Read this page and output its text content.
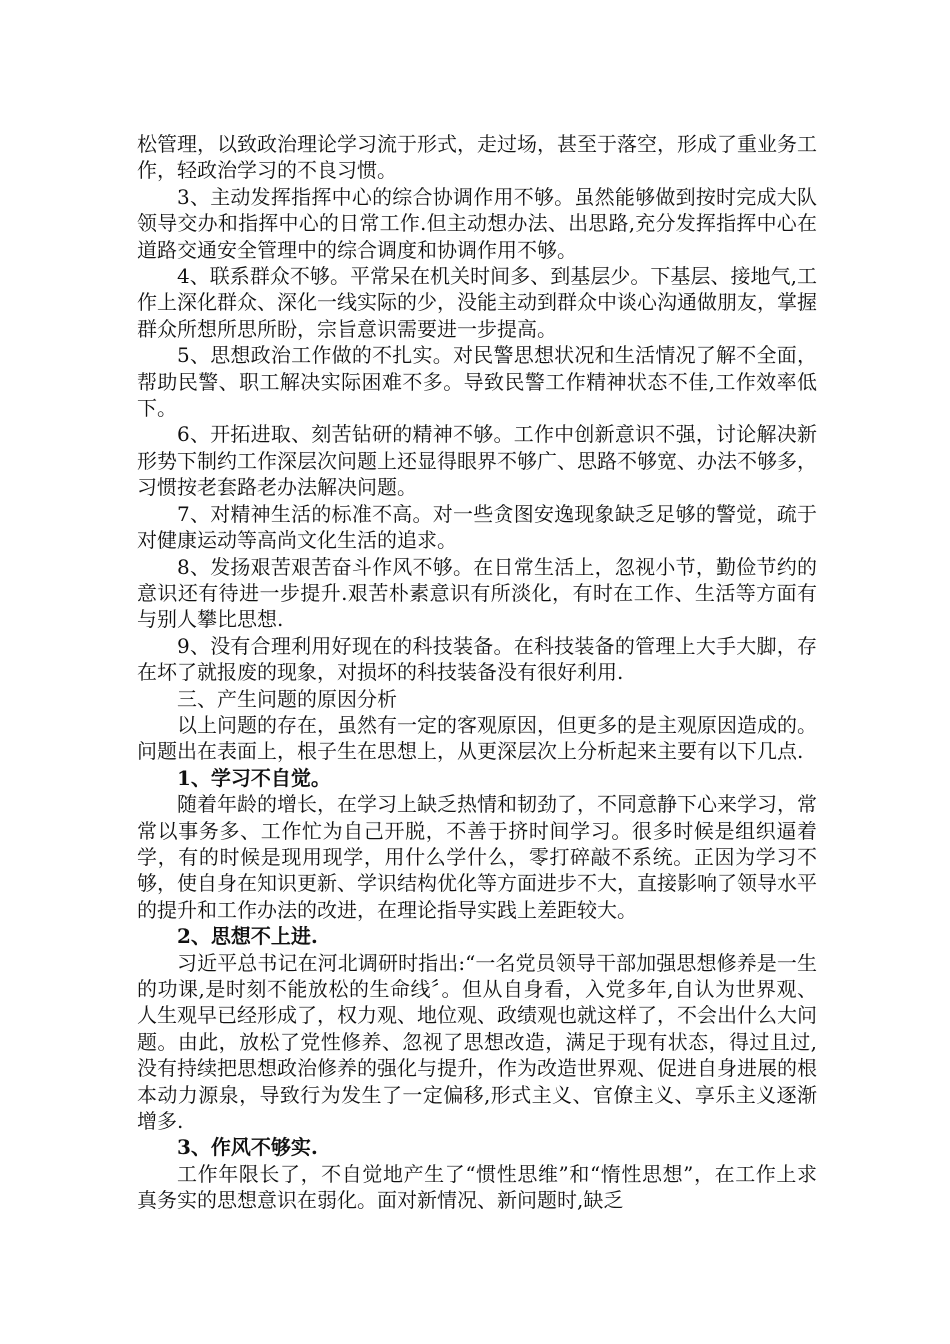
松管理，以致政治理论学习流于形式，走过场，甚至于落空，形成了重业务工作，轻政治学习的不良习惯。

3、主动发挥指挥中心的综合协调作用不够。虽然能够做到按时完成大队领导交办和指挥中心的日常工作.但主动想办法、出思路,充分发挥指挥中心在道路交通安全管理中的综合调度和协调作用不够。

4、联系群众不够。平常呆在机关时间多、到基层少。下基层、接地气,工作上深化群众、深化一线实际的少，没能主动到群众中谈心沟通做朋友，掌握群众所想所思所盼，宗旨意识需要进一步提高。

5、思想政治工作做的不扎实。对民警思想状况和生活情况了解不全面，帮助民警、职工解决实际困难不多。导致民警工作精神状态不佳,工作效率低下。

6、开拓进取、刻苦钻研的精神不够。工作中创新意识不强，讨论解决新形势下制约工作深层次问题上还显得眼界不够广、思路不够宽、办法不够多，习惯按老套路老办法解决问题。

7、对精神生活的标准不高。对一些贪图安逸现象缺乏足够的警觉，疏于对健康运动等高尚文化生活的追求。

8、发扬艰苦艰苦奋斗作风不够。在日常生活上，忽视小节，勤俭节约的意识还有待进一步提升.艰苦朴素意识有所淡化，有时在工作、生活等方面有与别人攀比思想.

9、没有合理利用好现在的科技装备。在科技装备的管理上大手大脚，存在坏了就报废的现象，对损坏的科技装备没有很好利用.

三、产生问题的原因分析

以上问题的存在，虽然有一定的客观原因，但更多的是主观原因造成的。问题出在表面上，根子生在思想上，从更深层次上分析起来主要有以下几点.

1、学习不自觉。

随着年龄的增长，在学习上缺乏热情和韧劲了，不同意静下心来学习，常常以事务多、工作忙为自己开脱，不善于挤时间学习。很多时候是组织逼着学，有的时候是现用现学，用什么学什么，零打碎敲不系统。正因为学习不够，使自身在知识更新、学识结构优化等方面进步不大，直接影响了领导水平的提升和工作办法的改进，在理论指导实践上差距较大。

2、思想不上进.

习近平总书记在河北调研时指出:“一名党员领导干部加强思想修养是一生的功课,是时刻不能放松的生命线〞。但从自身看，入党多年,自认为世界观、人生观早已经形成了，权力观、地位观、政绩观也就这样了，不会出什么大问题。由此，放松了党性修养、忽视了思想改造，满足于现有状态，得过且过,没有持续把思想政治修养的强化与提升，作为改造世界观、促进自身进展的根本动力源泉，导致行为发生了一定偏移,形式主义、官僚主义、享乐主义逐渐增多.

3、作风不够实.

工作年限长了，不自觉地产生了“惯性思维”和“惰性思想”，在工作上求真务实的思想意识在弱化。面对新情况、新问题时,缺乏
